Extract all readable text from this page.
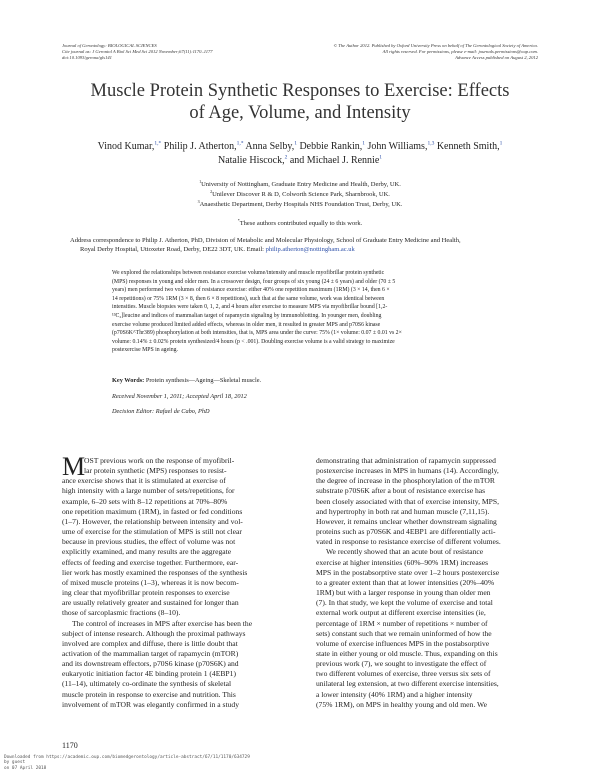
Journal of Gerontology: BIOLOGICAL SCIENCES
Cite journal as: J Gerontol A Biol Sci Med Sci 2012 November;67(11):1170–1177
doi:10.1093/gerona/gls141
© The Author 2012. Published by Oxford University Press on behalf of The Gerontological Society of America.
All rights reserved. For permissions, please e-mail: journals.permissions@oup.com.
Advance Access published on August 2, 2012
Muscle Protein Synthetic Responses to Exercise: Effects
of Age, Volume, and Intensity
Vinod Kumar,$^{1,*}$ Philip J. Atherton,$^{1,*}$ Anna Selby,$^1$ Debbie Rankin,$^1$ John Williams,$^{1,3}$ Kenneth Smith,$^1$
Natalie Hiscock,$^2$ and Michael J. Rennie$^1$
$^1$University of Nottingham, Graduate Entry Medicine and Health, Derby, UK.
$^2$Unilever Discover R & D, Colworth Science Park, Sharnbrook, UK.
$^3$Anaesthetic Department, Derby Hospitals NHS Foundation Trust, Derby, UK.
*These authors contributed equally to this work.
Address correspondence to Philip J. Atherton, PhD, Division of Metabolic and Molecular Physiology, School of Graduate Entry Medicine and Health,
Royal Derby Hospital, Uttoxeter Road, Derby, DE22 3DT, UK. Email: philip.atherton@nottingham.ac.uk
We explored the relationships between resistance exercise volume/intensity and muscle myofibrillar protein synthetic
(MPS) responses in young and older men. In a crossover design, four groups of six young (24 ± 6 years) and older (70 ± 5
years) men performed two volumes of resistance exercise: either 40% one repetition maximum (1RM) (3 × 14, then 6 ×
14 repetitions) or 75% 1RM (3 × 8, then 6 × 8 repetitions), such that at the same volume, work was identical between
intensities. Muscle biopsies were taken 0, 1, 2, and 4 hours after exercise to measure MPS via myofibrillar bound [1,2-
¹³C₂]leucine and indices of mammalian target of rapamycin signaling by immunoblotting. In younger men, doubling
exercise volume produced limited added effects, whereas in older men, it resulted in greater MPS and p70S6 kinase
(p70S6K^Thr389) phosphorylation at both intensities, that is, MPS area under the curve: 75% (1× volume: 0.07 ± 0.01 vs 2×
volume: 0.14% ± 0.02% protein synthesized/4 hours (p < .001). Doubling exercise volume is a valid strategy to maximize
postexercise MPS in ageing.
Key Words: Protein synthesis—Ageing—Skeletal muscle.
Received November 1, 2011; Accepted April 18, 2012
Decision Editor: Rafael de Cabo, PhD
M
OST previous work on the response of myofibril-
lar protein synthetic (MPS) responses to resist-
ance exercise shows that it is stimulated at exercise of
high intensity with a large number of sets/repetitions, for
example, 6–20 sets with 8–12 repetitions at 70%–80%
one repetition maximum (1RM), in fasted or fed conditions
(1–7). However, the relationship between intensity and vol-
ume of exercise for the stimulation of MPS is still not clear
because in previous studies, the effect of volume was not
explicitly examined, and many results are the aggregate
effects of feeding and exercise together. Furthermore, ear-
lier work has mostly examined the responses of the synthesis
of mixed muscle proteins (1–3), whereas it is now becom-
ing clear that myofibrillar protein responses to exercise
are usually relatively greater and sustained for longer than
those of sarcoplasmic fractions (8–10).
The control of increases in MPS after exercise has been the
subject of intense research. Although the proximal pathways
involved are complex and diffuse, there is little doubt that
activation of the mammalian target of rapamycin (mTOR)
and its downstream effectors, p70S6 kinase (p70S6K) and
eukaryotic initiation factor 4E binding protein 1 (4EBP1)
(11–14), ultimately co-ordinate the synthesis of skeletal
muscle protein in response to exercise and nutrition. This
involvement of mTOR was elegantly confirmed in a study
demonstrating that administration of rapamycin suppressed
postexercise increases in MPS in humans (14). Accordingly,
the degree of increase in the phosphorylation of the mTOR
substrate p70S6K after a bout of resistance exercise has
been closely associated with that of exercise intensity, MPS,
and hypertrophy in both rat and human muscle (7,11,15).
However, it remains unclear whether downstream signaling
proteins such as p70S6K and 4EBP1 are differentially acti-
vated in response to resistance exercise of different volumes.
We recently showed that an acute bout of resistance
exercise at higher intensities (60%–90% 1RM) increases
MPS in the postabsorptive state over 1–2 hours postexercise
to a greater extent than that at lower intensities (20%–40%
1RM) but with a larger response in young than older men
(7). In that study, we kept the volume of exercise and total
external work output at different exercise intensities (ie,
percentage of 1RM × number of repetitions × number of
sets) constant such that we remain uninformed of how the
volume of exercise influences MPS in the postabsorptive
state in either young or old muscle. Thus, expanding on this
previous work (7), we sought to investigate the effect of
two different volumes of exercise, three versus six sets of
unilateral leg extension, at two different exercise intensities,
a lower intensity (40% 1RM) and a higher intensity
(75% 1RM), on MPS in healthy young and old men. We
1170
Downloaded from https://academic.oup.com/biomedgerontology/article-abstract/67/11/1170/634729
by guest
on 07 April 2018
